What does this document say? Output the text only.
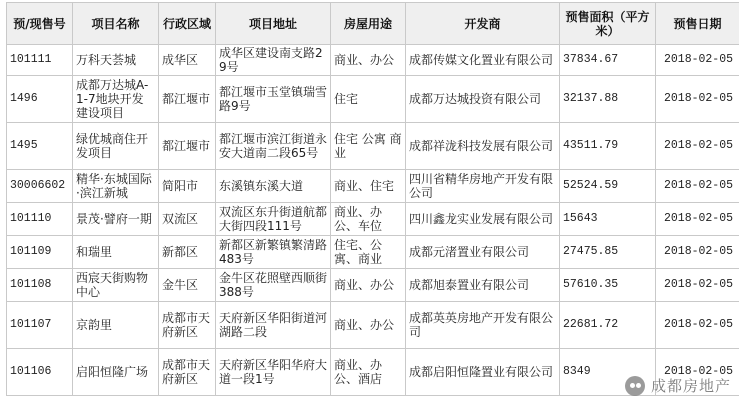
预/现售号	项目名称	行政区域	项目地址	房屋用途	开发商	预售面积（平方米）	预售日期
101111	万科天荟城	成华区	成华区建设南支路29号	商业、办公	成都传媒文化置业有限公司	37834.67	2018-02-05
1496	成都万达城A-1-7地块开发建设项目	都江堰市	都江堰市玉堂镇瑞雪路9号	住宅	成都万达城投资有限公司	32137.88	2018-02-05
1495	绿优城商住开发项目	都江堰市	都江堰市滨江街道永安大道南二段65号	住宅 公寓 商业	成都祥泷科技发展有限公司	43511.79	2018-02-05
30006602	精华·东城国际·滨江新城	简阳市	东溪镇东溪大道	商业、住宅	四川省精华房地产开发有限公司	52524.59	2018-02-05
101110	景茂·譬府一期	双流区	双流区东升街道航都大街四段111号	商业、办公、车位	四川鑫龙实业发展有限公司	15643	2018-02-05
101109	和瑞里	新都区	新都区新繁镇繁清路483号	住宅、公寓、商业	成都元渚置业有限公司	27475.85	2018-02-05
101108	西宸天街购物中心	金牛区	金牛区花照壁西顺街388号	商业、办公	成都旭泰置业有限公司	57610.35	2018-02-05
101107	京韵里	成都市天府新区	天府新区华阳街道河湖路二段	商业、办公	成都英英房地产开发有限公司	22681.72	2018-02-05
101106	启阳恒隆广场	成都市天府新区	天府新区华阳华府大道一段1号	商业、办公、酒店	成都启阳恒隆置业有限公司	8349	2018-02-05
成都房地产
